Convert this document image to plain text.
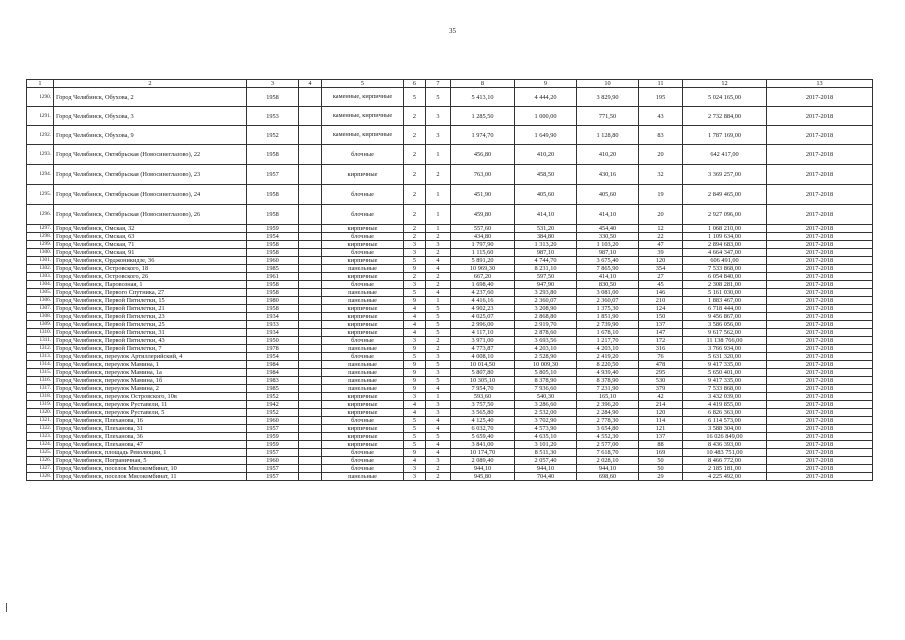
35
1	2	3	4	5	6	7	8	9	10	11	12	13
1290.	Город Челябинск, Обухова, 2	1958		каменные, кирпичные	5	5	5 413,10	4 444,20	3 829,90	195	5 024 165,00	2017-2018
1291.	Город Челябинск, Обухова, 3	1953		каменные, кирпичные	2	3	1 285,50	1 000,00	771,50	43	2 732 884,00	2017-2018
1292.	Город Челябинск, Обухова, 9	1952		каменные, кирпичные	2	3	1 974,70	1 649,90	1 128,80	83	1 787 169,00	2017-2018
1293.	Город Челябинск, Октябрьская (Новосинеглазово), 22	1958		блочные	2	1	456,80	410,20	410,20	20	642 417,00	2017-2018
1294.	Город Челябинск, Октябрьская (Новосинеглазово), 23	1957		кирпичные	2	2	763,00	458,50	430,16	32	3 369 257,00	2017-2018
1295.	Город Челябинск, Октябрьская (Новосинеглазово), 24	1958		блочные	2	1	451,90	405,60	405,60	19	2 849 465,00	2017-2018
1296.	Город Челябинск, Октябрьская (Новосинеглазово), 26	1958		блочные	2	1	459,80	414,10	414,10	20	2 927 096,00	2017-2018
1297.	Город Челябинск, Омская, 32	1959		кирпичные	2	1	557,60	531,20	454,40	12	1 068 210,00	2017-2018
1298.	Город Челябинск, Омская, 63	1954		блочные	2	2	434,80	384,80	330,50	22	1 109 634,00	2017-2018
1299.	Город Челябинск, Омская, 71	1958		кирпичные	3	3	1 797,90	1 313,20	1 103,20	47	2 894 683,00	2017-2018
1300.	Город Челябинск, Омская, 91	1958		блочные	3	2	1 115,60	987,10	987,10	39	4 664 347,00	2017-2018
1301.	Город Челябинск, Орджоникидзе, 36	1960		кирпичные	5	4	5 891,20	4 744,70	3 675,40	120	606 491,00	2017-2018
1302.	Город Челябинск, Островского, 18	1985		панельные	9	4	10 969,30	8 231,10	7 865,90	354	7 533 868,00	2017-2018
1303.	Город Челябинск, Островского, 26	1961		кирпичные	2	2	667,20	597,50	414,10	27	6 054 840,00	2017-2018
1304.	Город Челябинск, Паровозная, 1	1958		блочные	3	2	1 698,40	947,90	830,50	45	2 308 281,00	2017-2018
1305.	Город Челябинск, Первого Спутника, 27	1958		панельные	5	4	4 237,60	3 293,80	3 081,00	146	5 161 030,00	2017-2018
1306.	Город Челябинск, Первой Пятилетки, 15	1980		панельные	9	1	4 416,16	2 360,07	2 360,07	210	1 883 467,00	2017-2018
1307.	Город Челябинск, Первой Пятилетки, 21	1958		кирпичные	4	5	4 902,23	3 208,90	1 375,30	124	6 718 444,00	2017-2018
1308.	Город Челябинск, Первой Пятилетки, 23	1934		кирпичные	4	5	4 025,07	2 868,80	1 851,90	150	9 456 867,00	2017-2018
1309.	Город Челябинск, Первой Пятилетки, 25	1933		кирпичные	4	5	2 996,00	2 919,70	2 739,90	137	3 586 056,00	2017-2018
1310.	Город Челябинск, Первой Пятилетки, 31	1934		кирпичные	4	5	4 117,10	2 878,60	1 678,10	147	9 617 562,00	2017-2018
1311.	Город Челябинск, Первой Пятилетки, 43	1950		блочные	3	2	3 971,00	3 693,56	1 217,70	172	11 138 766,00	2017-2018
1312.	Город Челябинск, Первой Пятилетки, 7	1978		панельные	9	2	4 773,87	4 203,10	4 203,10	316	3 766 934,00	2017-2018
1313.	Город Челябинск, переулок Артиллерийский, 4	1954		блочные	5	3	4 008,10	2 528,90	2 419,20	76	5 631 320,00	2017-2018
1314.	Город Челябинск, переулок Мамина, 1	1984		панельные	9	5	10 014,50	10 009,30	8 220,50	478	9 417 335,00	2017-2018
1315.	Город Челябинск, переулок Мамина, 1а	1984		панельные	9	3	5 807,80	5 805,10	4 939,40	295	5 650 401,00	2017-2018
1316.	Город Челябинск, переулок Мамина, 1б	1983		панельные	9	5	10 305,10	8 378,90	8 378,90	530	9 417 335,00	2017-2018
1317.	Город Челябинск, переулок Мамина, 2	1985		панельные	9	4	7 954,70	7 936,60	7 231,90	379	7 533 868,00	2017-2018
1318.	Город Челябинск, переулок Островского, 10в	1952		кирпичные	3	1	593,60	540,30	165,10	42	3 432 039,00	2017-2018
1319.	Город Челябинск, переулок Руставели, 11	1942		кирпичные	4	3	3 757,50	3 286,60	2 396,20	214	4 419 855,00	2017-2018
1320.	Город Челябинск, переулок Руставели, 5	1952		кирпичные	4	3	3 565,80	2 532,00	2 284,90	120	6 826 363,00	2017-2018
1321.	Город Челябинск, Плеханова, 16	1960		блочные	5	4	4 125,40	3 702,90	2 778,30	114	6 114 573,00	2017-2018
1322.	Город Челябинск, Плеханова, 31	1957		кирпичные	5	4	6 032,70	4 573,90	3 654,80	121	3 588 304,00	2017-2018
1323.	Город Челябинск, Плеханова, 36	1959		кирпичные	5	5	5 659,40	4 635,10	4 552,30	137	16 026 849,00	2017-2018
1324.	Город Челябинск, Плеханова, 47	1959		кирпичные	5	4	3 841,00	3 101,20	2 577,00	88	8 436 393,00	2017-2018
1325.	Город Челябинск, площадь Революции, 1	1957		блочные	9	4	10 174,70	8 511,30	7 618,70	169	10 483 751,00	2017-2018
1326.	Город Челябинск, Пограничная, 5	1960		блочные	4	3	2 089,40	2 057,40	2 028,10	50	8 466 772,00	2017-2018
1327.	Город Челябинск, поселок Мясокомбинат, 10	1957		блочные	3	2	944,10	944,10	944,10	50	2 185 181,00	2017-2018
1328.	Город Челябинск, поселок Мясокомбинат, 11	1957		панельные	3	2	945,80	704,40	698,60	29	4 225 492,00	2017-2018
